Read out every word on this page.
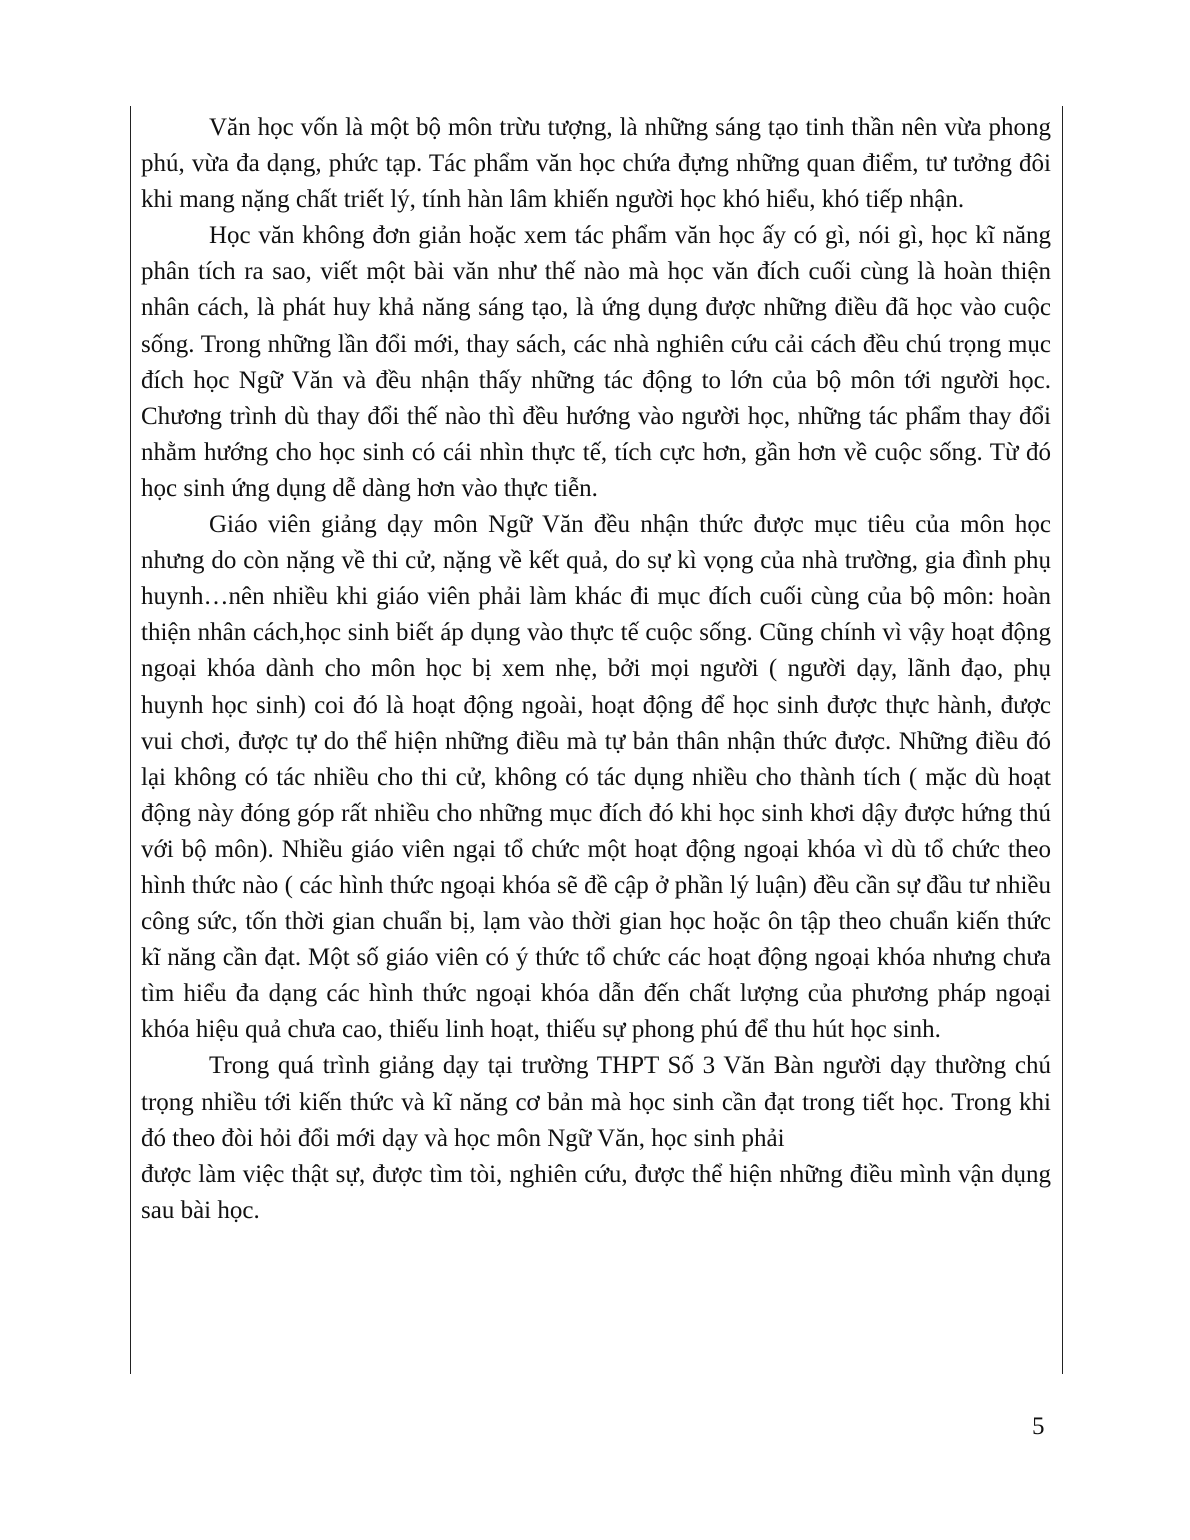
Văn học vốn là một bộ môn trừu tượng, là những sáng tạo tinh thần nên vừa phong phú, vừa đa dạng, phức tạp. Tác phẩm văn học chứa đựng những quan điểm, tư tưởng đôi khi mang nặng chất triết lý, tính hàn lâm khiến người học khó hiểu, khó tiếp nhận.

Học văn không đơn giản hoặc xem tác phẩm văn học ấy có gì, nói gì, học kĩ năng phân tích ra sao, viết một bài văn như thế nào mà học văn đích cuối cùng là hoàn thiện nhân cách, là phát huy khả năng sáng tạo, là ứng dụng được những điều đã học vào cuộc sống. Trong những lần đổi mới, thay sách, các nhà nghiên cứu cải cách đều chú trọng mục đích học Ngữ Văn và đều nhận thấy những tác động to lớn của bộ môn tới người học. Chương trình dù thay đổi thế nào thì đều hướng vào người học, những tác phẩm thay đổi nhằm hướng cho học sinh có cái nhìn thực tế, tích cực hơn, gần hơn về cuộc sống. Từ đó học sinh ứng dụng dễ dàng hơn vào thực tiễn.

Giáo viên giảng dạy môn Ngữ Văn đều nhận thức được mục tiêu của môn học nhưng do còn nặng về thi cử, nặng về kết quả, do sự kì vọng của nhà trường, gia đình phụ huynh…nên nhiều khi giáo viên phải làm khác đi mục đích cuối cùng của bộ môn: hoàn thiện nhân cách,học sinh biết áp dụng vào thực tế cuộc sống. Cũng chính vì vậy hoạt động ngoại khóa dành cho môn học bị xem nhẹ, bởi mọi người ( người dạy, lãnh đạo, phụ huynh học sinh) coi đó là hoạt động ngoài, hoạt động để học sinh được thực hành, được vui chơi, được tự do thể hiện những điều mà tự bản thân nhận thức được. Những điều đó lại không có tác nhiều cho thi cử, không có tác dụng nhiều cho thành tích ( mặc dù hoạt động này đóng góp rất nhiều cho những mục đích đó khi học sinh khơi dậy được hứng thú với bộ môn). Nhiều giáo viên ngại tổ chức một hoạt động ngoại khóa vì dù tổ chức theo hình thức nào ( các hình thức ngoại khóa sẽ đề cập ở phần lý luận) đều cần sự đầu tư nhiều công sức, tốn thời gian chuẩn bị, lạm vào thời gian học hoặc ôn tập theo chuẩn kiến thức kĩ năng cần đạt. Một số giáo viên có ý thức tổ chức các hoạt động ngoại khóa nhưng chưa tìm hiểu đa dạng các hình thức ngoại khóa dẫn đến chất lượng của phương pháp ngoại khóa hiệu quả chưa cao, thiếu linh hoạt, thiếu sự phong phú để thu hút học sinh.

Trong quá trình giảng dạy tại trường THPT Số 3 Văn Bàn người dạy thường chú trọng nhiều tới kiến thức và kĩ năng cơ bản mà học sinh cần đạt trong tiết học. Trong khi đó theo đòi hỏi đổi mới dạy và học môn Ngữ Văn, học sinh phải

được làm việc thật sự, được tìm tòi, nghiên cứu, được thể hiện những điều mình vận dụng sau bài học.

5
